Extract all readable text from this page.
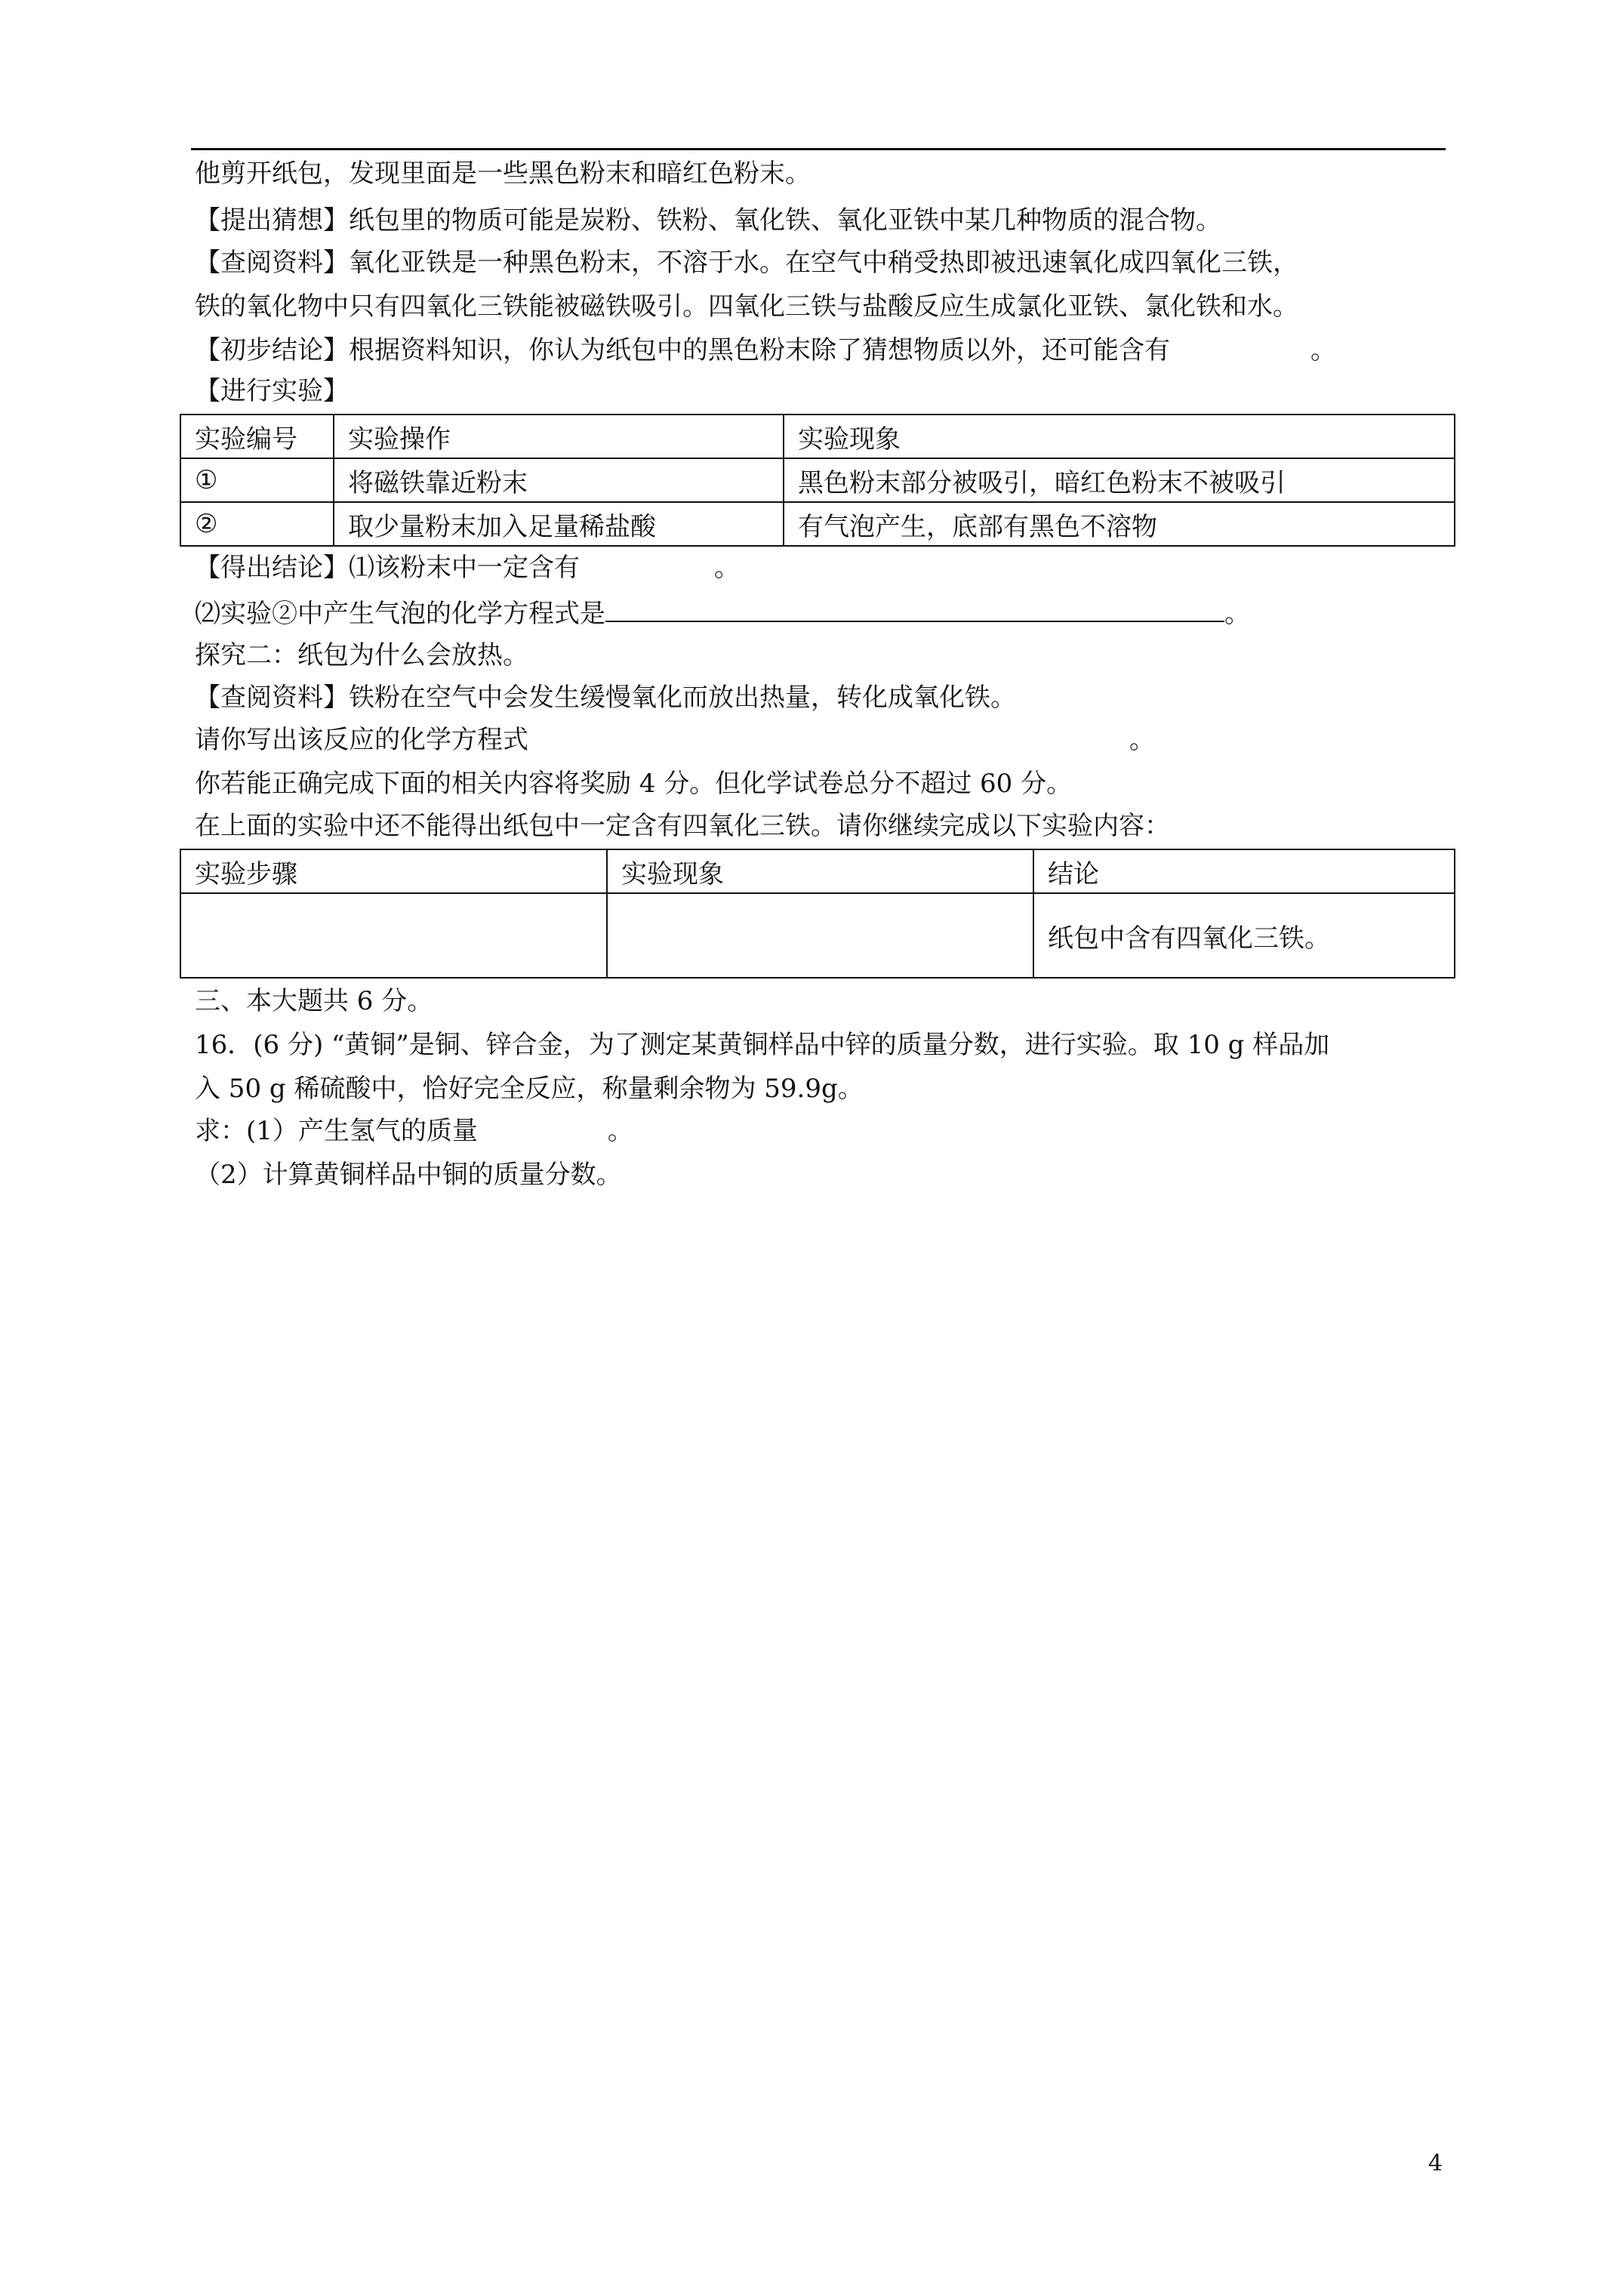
他剪开纸包，发现里面是一些黑色粉末和暗红色粉末。
【提出猜想】纸包里的物质可能是炭粉、铁粉、氧化铁、氧化亚铁中某几种物质的混合物。
【查阅资料】氧化亚铁是一种黑色粉末，不溶于水。在空气中稍受热即被迅速氧化成四氧化三铁，
铁的氧化物中只有四氧化三铁能被磁铁吸引。四氧化三铁与盐酸反应生成氯化亚铁、氯化铁和水。
【初步结论】根据资料知识，你认为纸包中的黑色粉末除了猜想物质以外，还可能含有	。
【进行实验】
实验编号	实验操作	实验现象
①	将磁铁靠近粉末	黑色粉末部分被吸引，暗红色粉末不被吸引
②	取少量粉末加入足量稀盐酸	有气泡产生，底部有黑色不溶物
【得出结论】⑴该粉末中一定含有	。
⑵实验②中产生气泡的化学方程式是	。
探究二：纸包为什么会放热。
【查阅资料】铁粉在空气中会发生缓慢氧化而放出热量，转化成氧化铁。
请你写出该反应的化学方程式	。
你若能正确完成下面的相关内容将奖励 4 分。但化学试卷总分不超过 60 分。
在上面的实验中还不能得出纸包中一定含有四氧化三铁。请你继续完成以下实验内容：
实验步骤	实验现象	结论
		纸包中含有四氧化三铁。
三、本大题共 6 分。
16．(6 分) “黄铜”是铜、锌合金，为了测定某黄铜样品中锌的质量分数，进行实验。取 10 g 样品加
入 50 g 稀硫酸中，恰好完全反应，称量剩余物为 59.9g。
求：(1）产生氢气的质量	。
（2）计算黄铜样品中铜的质量分数。
4
